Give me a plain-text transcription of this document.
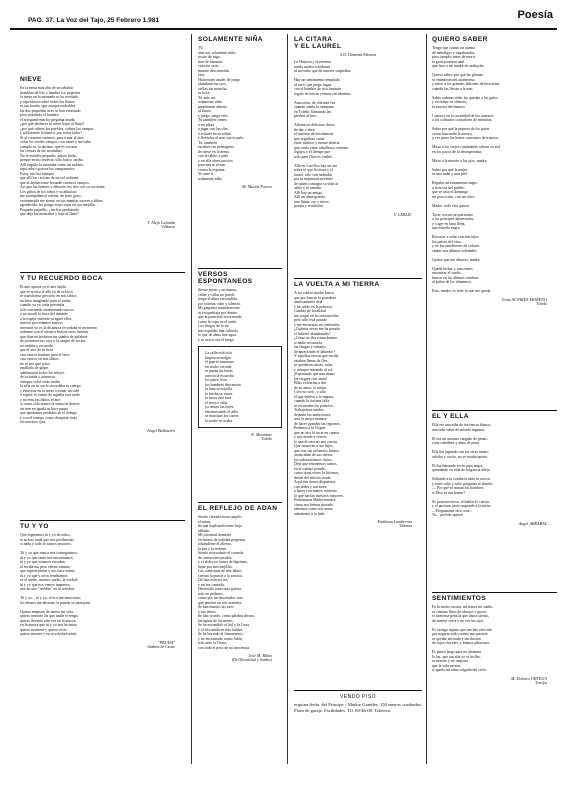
PAG. 37. La Voz del Tajo, 25 Febrero 1.981	Poesía
NIEVE
En la mesa más alta de un arbolito
tiemblan de frío y hambre los pajaritos
la nieve en la montaña se ha revelado
y caprichosa cubre todos los llanos;
es tan bonita, que aunque endiablos
las dos pequeñas aves se han extasiado
pero sintiendo el hambre
el arrogante macho pregunta airado
¿por qué deshacer la nieve bajar al llano?
¿por qué cubres los pueblos, cubres los campos
y sollozando la blanca, por todos lados?
Si al crearnos vinimos, para trinar al aire,
volar los verdes campos, con amor y sin saña,
cumplo tú, tu destino, que es coronar
las crestas de las montañas.
No te enfades pequeño, pájaro lindo,
porque en mi invierno sólo busco cariño.
Allí orgullo la montaña como un sudario,
aquí cubro gozosa los campanarios.
Estoy tan fría siempre
que allí los caricias de un sol ardiente
que al deshacerme fecundé vuestros campos.
Asi que las fuentes y alboroto los ríos con su corriente.
Los gritos de los niños y su alboroto
me acompañan al reírme, de puro gozo,
extremecida me siento en sus manitas suaves y tibias.
agradecida, les pongo rosas rojas en sus mejillas.
Pequeño pajarillo, ¡me has perdonado
que deje las montañas y baje al llano?
T. Alejo Lalanda
Villaseca
Y TU RECUERDO BOCA
El aire apresa ya el aire latido
que se acerca el año ya de tu boca
se transforma precioso en mis labios
en beso imaginado para el sueño
cuando ya yo creía presentía
solo corriendo enamorando surcos
y no mordí la fruta del instante
a la espeja viniente tu aguel ellos
nuevos procedamos nuevos
mientras yo es la distancia recordaba el momento
solemne con el oírme a buscar otras fuentes
que dijeron brotaron tus sueños de palabras
de promesas tus ojos y la sangre de rocíos
recordaba y recuerdo
que el aire de tu boca
casi estuvo maduro para el beso
casi estuvo en mis labios
no sé por qué rotos
estallado de golpe
adelantaron todos los relojes
de tu huida y ausencia
siempre volví otras tardes
la silla en su vacío recordaba tu cuerpo
y estuviste en la mesa a tomar un café
a repetir el viento de aquella otra tarde
y no eras tus labios el aire
si como sólo somos la suma de deseos
un tren en igualá se hace punto
que quedamos perdidos en el tiempo
y con el tiempo como chaqueta vieja
en nosotros ojos.
Angel Ballestero
TU Y YO
Qué esperamos tú y yo de todos,
si no hay nada que nos puedan dar,
si nada y todo lo somos nosotros.

Tú y yo que nunca nos conseguimos;
tú y yo que tanto nos necesitamos;
tú y yo que estamos extraños
al escabroso pero eterno camino
que supiste penas y nos hace sonar;
tú y yo que y otros tendríamos
es el sueño, nuestro sueño, la verdad;
tú y yo que nos vemos impresos
une en otro "inédito" en la soledad.

Tú y yo... tú y yo, el eco me emociona,
los deseos me abrasan, la pasión se interpone.

Quiero empezar de nuevo mi vida,
quiero sentarte las que nadie te tenga,
quiero llevaste otra vez en la aurora,
en la aurora que tú y yo nos hicimos;
quiero morirme y quiero vivir,
quiero mirarte y en tu soledad sentir.
"PRUDA"
Jiménez de Castro
SOLAMENTE NIÑA
TU
ante mí, solamente niña:
rostro de trigo,
mar de fantasía,
vida sin vivir,
mundo desconocido,
eres.
Horizontes azules de juego
alumbran tus ojos,
orillas sin mancha,
tu boca.
Tú ante mí,
solamente niña:
parpiteante abierto
al futuro
y juego, juego eres.
Tú también vienes
a mi playa
a jugar con las olas,
a echarte en su rebito
y llevarlas al mar con tu palo.
Tú, también
escribes tus pensagetes
de nieve en la arena
con la rabito y palo
y en ella abres porcios
para entrar al mar
contra la espuma.
Yo ante tí,
solamente niño.
M. Martín Forero
VERSOS ESPONTANEOS
Siento morir y no muero,
callar y callar no puedo
tengo el alma cercondida
por tristeza, odio y silencio.
Mi garganta incandescente
se resquebraja por dentro
que la pena está recorriendo
como la copa en el suelo.
Los látigos de la ira
mis espaldas han cubierto
lo que de alma trae agua
y se aviva con el fuego.
La calle está sola
inspira nostalgia
el puerto murmura
en noche cerrada
se pasan las horas
arrecia la escarcha
los pinos fríos
los hombres descansan
la luna se estrella
la hierba se canas
la tierra está fura
el arroyo calla
ya tienen las luces
estremecendo el alba
se marchan los carros
la noche se acaba.
E. Moramar
Toledo
EL REFLEJO DE ADAN
Siento clavada en mi pupilo,
el mirar,
de una trepliandeciente hoja
afilada.
Mi juventud dormida
en brazos de soledad perpetua,
robándome el aliento,
la paz y la ternura.
Siento acorrodado el corazón
de camas envejecidas,
y el dolor en forma de lágrimas,
bajar por mis mejillas.
Las comisuras de mis labios
cierran la puerta a la sonrisa.
De luto está mi tez,
y mi tez cansada.
Derrotado como una guerra,
solo en pedazos,
como por un devastador rayo
que penetró en mis sentidos.
Se han muerto las aves
y sus trinos.
Se han secado, como palabra divina,
las aguas de los mares.
Se ha escondido el Sol y la Luna,
y el frío anida en mis latidos.
Se ha borrado el firmamento...
y he encontrado como Adán,
solo ante la Tierra,
con todo el peso de mi inocencia.
José M. Ribas
(De Obscuridad y Sueños)
LA CITARA
Y EL LAUREL
A D. Clemente Palencia
La Historia y la terrenta
sueña sueños toledanos
al trovador que de amores suspiraba.

Hay un sentimiento templado
al rayo, que juega fugaz
con el hombre de rica fantasía
regalo de tierras yermas sin almenas.

Anacoreta, de vibrante faz
cuando sueña la campana
en Toledo, llamando las
piedras al foro.

Alienta en delicioso deseo
de dar y abrir
el torrente de ensoñanzas
que orgulloso canta
entre místico y fuente abierta
que vuela entre caballeros, ermitas,
legajos y el tiempo que
solo para Dios es visible.

Allá en Lucífloo hay un ara
sobre el que la cítara y el
laurel, sólo son turbados
por la inquietud sirviente
de quien consagra su vida al
saber y al ensalar.
Allí hay un amigo.
Allí un alma grande,
una llama, oro y nieve,
poesía y erudición.
V. LEBLIC
LA VUELTA A MI TIERRA
A mi vuelvo madre busca
que por buscar la grandeza
ansiosamente dejé
y he caído en la pobreza.
Cambié de localidad
me ocupé en la construcción,
pero sólo está parado
y me encuentro en confusión.
¿Cuántas veces me ha pesado
el haberte abandonado?
¿Cómo no iba a marcharme
si nadie reconocía
las fatigas y trabajos
de apreciando el labrador?
Y aquellas tierras que un día
estaban llenas de flor,
se quedaron tristes, solas
y siempre mirando al sol.
¡Esperando que una mano
las rasgara con amor!
Ellas volverían a dar
de su amor, lo mejor.
Creo no será ; o sólo
el que vuelva o lo negara,
cuando la fortuna falta
se recuerdan los palacios.
Trabajemos unidos
dejando las ambiciones,
será la mejor manera
de hacer grandes las regiones.
Pedimos a la Virgen
que no nos lo tocie en cuenta
y nos ayude a vencer,
lo que el retorno nos cuesta.
Que renazcan a sus hijos,
que con sus esfuerzos brutos,
arrancaban de sus tierras,
los saborosísimos frutos.
Deja que entonemos cantos
en el trabajo pesado,
como otras veces lo hicimos,
detrás del místico arado.
Aquí nos tienes dispuestos
con útiles y tractores,
a hacer con menos esfuerzo
lo que hacían nuestros mayores.
Perdónanos Madre nuestra
cómo nos hemos portado,
sabemos como nos amas,
admítenos a tu lado.
Emiliana Lumbreras
Talavera
VENDO PISO
esquina Avda. del Príncipe - Muñoz Grandes. 150 metros cuadrados. Plaza de garaje. Facilidades. Tlf. 80-46-08. Talavera.
QUIERO SABER
Tengo que contar un cuento
de mendigos y vagabundos,
para cumplir antes de morir
la gran promesa azul
que hice a mi madre de azabache.

Quiero saber, por qué las glianas
se enamoran del atraneceur,
y mirar a los grandes ladrones de bicicletas
cuando las llevan a la mar.

Saber cuántas vidas las quedan a los gatos,
y escuchar en silencio,
la sonrisa del muerto.

Conocer en la oscuridad de los caminos
a los solitarios contadores de mentiras.

Saber por qué la piqueta de los gatos
cavan buscando la aurora,
y ver pasar las lentas caravanas de tristeza.

Mirar a los viejos caminantes calmar su sed
en los pozos de la desesperanza.

Mirar a la muerte a los ojos, madre.

Saber por qué la mujer
es una nube y una piel.

Regalar un ensamiento negro
a la novia del pueblo
que se casa el domingo
un poco triste, con un olivo.

Madre, todo esto quiero.

Tocar con mi propia mano
a los príncipes desterrados,
y coger en luna llena,
una estrella negra.

Recorrer a solas con mis hijos
los países del vino,
y en los atardeceres de colores
cantar mis últimas soledades.

Quiero que me abraces, madre.

Queda luchar y vencerme;
encontrar el sueño,
buscar en las últimas sombras
al pobre de los alimentos.

Esto, madre, es todo lo que me queda.
Jesús ALVAREZ MORENO
Toledo
EL Y ELLA
Ella era una niña de inocencia blanca,
una niña rubia de mirada ingenua.

El era un anciano cargado de penas,
cona cabellera y alma de pena.

Ella iba jugando con las otras nenas,
saltaba y corría, no se estaba quieta.

El iba fumando en su pipa negra,
quemando su vida de fragancia añeja.

Saltando a la comba la niña se acerca
y entre salto y salto pregunta al abuelo:
— Por qué se matan los hombres
si Dios es tan bueno?

Se pone nervioso, al hablar le cuesta,
y el anciano triste responde a la nieta:
—Preguntame otra cosa...
Yo... prefido quieta!
Angel ARRABAL
SENTIMIENTOS
Es la noche oscura, mi temor mi sueño,
es camino lleno de abrojos y gozos
es inmensa pena la que ahora siento,
de tenerte cerca y no ver tus ojos.

Es castigo injusto que me has ofrecido
por negarte todo cuanto me quisiste,
es quedar sin nada y sin ilusión
de rojos claveles, y blanca alhucema.

Es paseo largo para no alcanzar
la luz, que tan alta yo vi brillar,
es muerte y no importa,
que la vida menos,
si queda mi alma colgada del cielo.
M. Dolores ORTEGA
Torrijos
